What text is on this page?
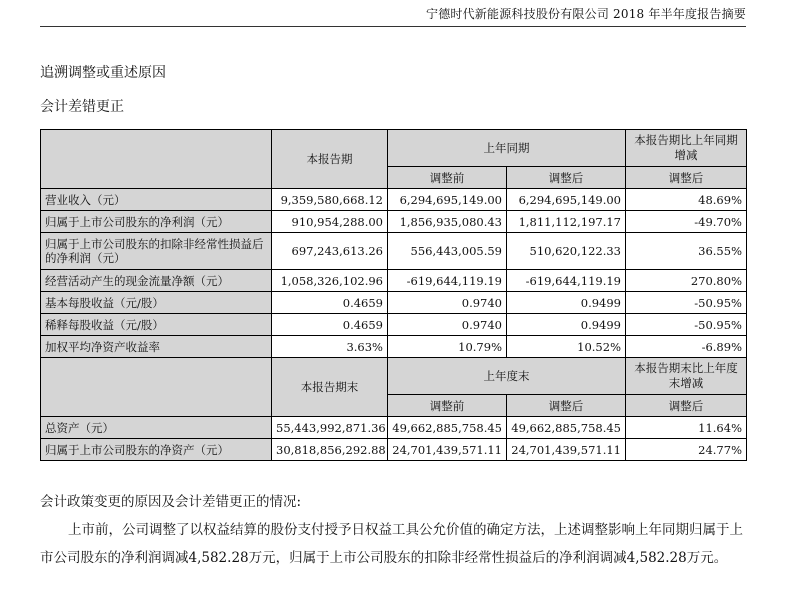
宁德时代新能源科技股份有限公司 2018 年半年度报告摘要
追溯调整或重述原因
会计差错更正
	本报告期	上年同期		本报告期比上年同期增减
		调整前	调整后	调整后
营业收入（元）	9,359,580,668.12	6,294,695,149.00	6,294,695,149.00	48.69%
归属于上市公司股东的净利润（元）	910,954,288.00	1,856,935,080.43	1,811,112,197.17	-49.70%
归属于上市公司股东的扣除非经常性损益后的净利润（元）	697,243,613.26	556,443,005.59	510,620,122.33	36.55%
经营活动产生的现金流量净额（元）	1,058,326,102.96	-619,644,119.19	-619,644,119.19	270.80%
基本每股收益（元/股）	0.4659	0.9740	0.9499	-50.95%
稀释每股收益（元/股）	0.4659	0.9740	0.9499	-50.95%
加权平均净资产收益率	3.63%	10.79%	10.52%	-6.89%
	本报告期末	上年度末		本报告期末比上年度末增减
		调整前	调整后	调整后
总资产（元）	55,443,992,871.36	49,662,885,758.45	49,662,885,758.45	11.64%
归属于上市公司股东的净资产（元）	30,818,856,292.88	24,701,439,571.11	24,701,439,571.11	24.77%
会计政策变更的原因及会计差错更正的情况:

上市前，公司调整了以权益结算的股份支付授予日权益工具公允价值的确定方法，上述调整影响上年同期归属于上市公司股东的净利润调减4,582.28万元，归属于上市公司股东的扣除非经常性损益后的净利润调减4,582.28万元。
